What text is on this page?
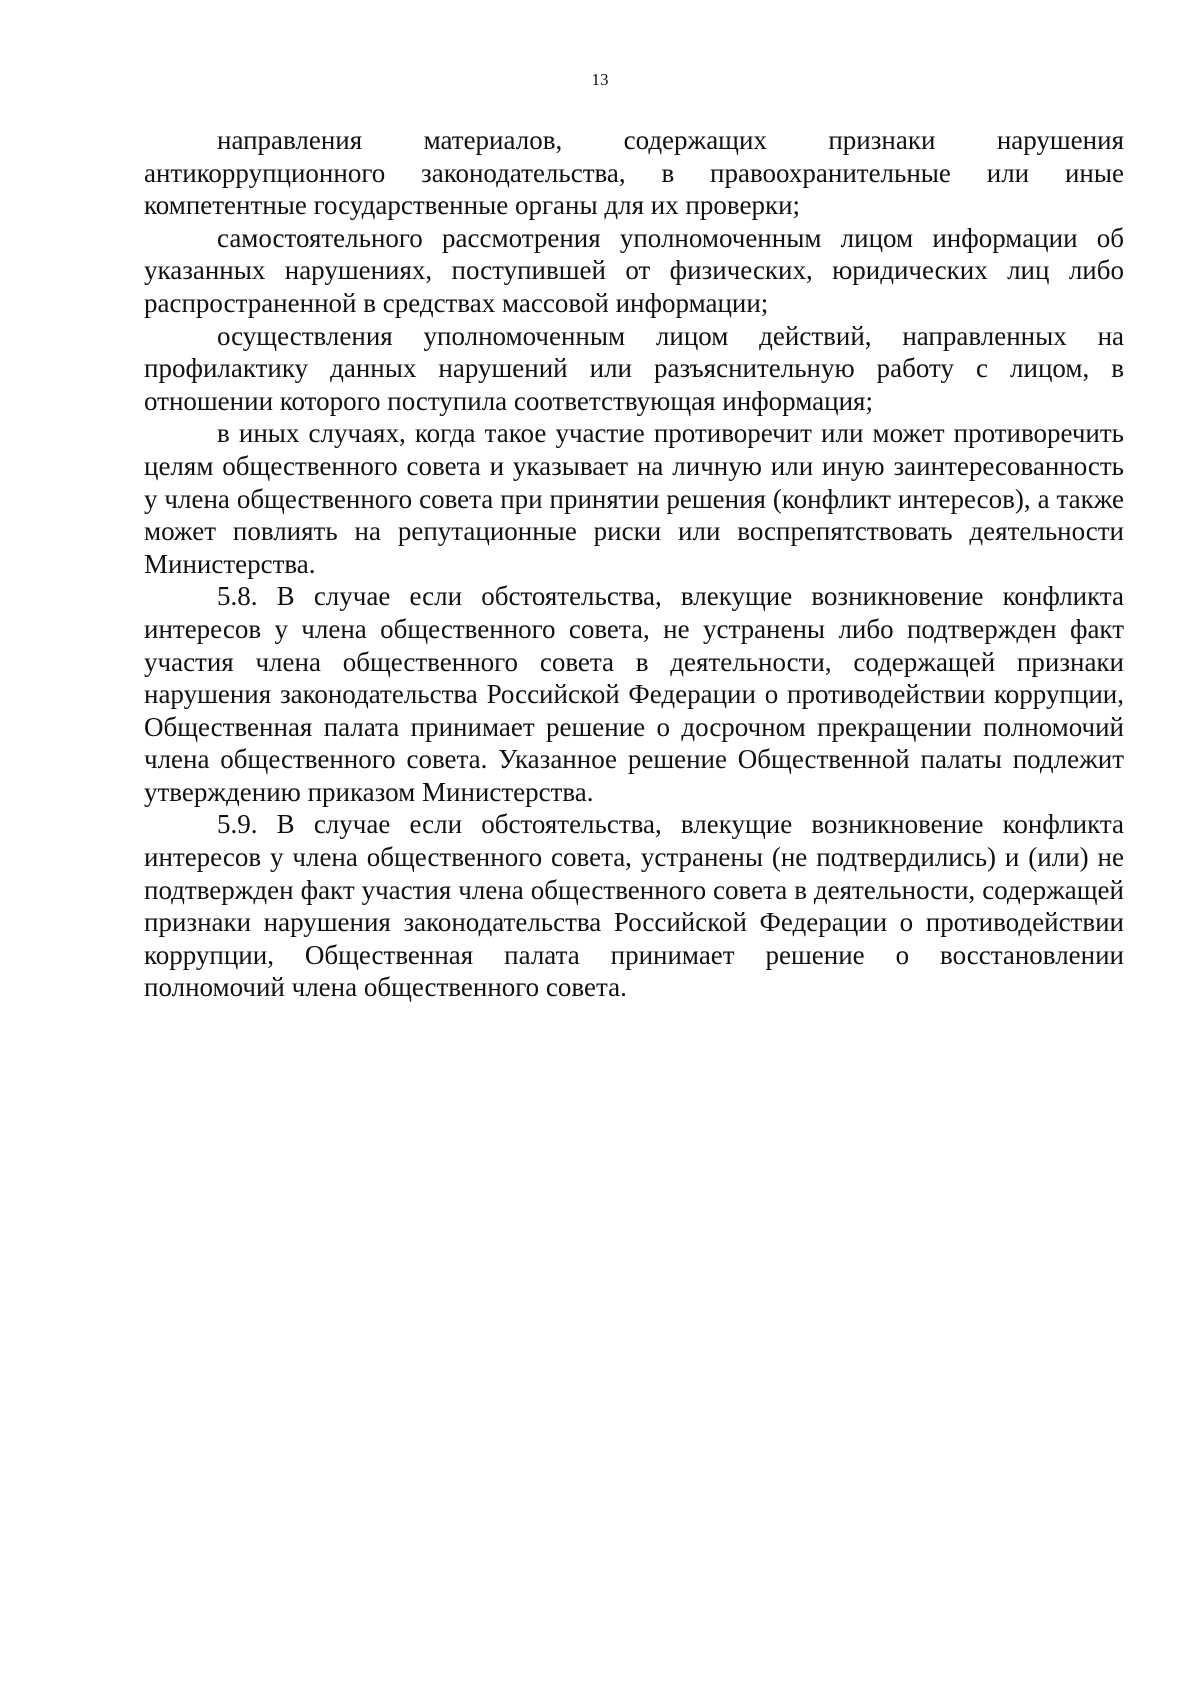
13

направления материалов, содержащих признаки нарушения антикоррупционного законодательства, в правоохранительные или иные компетентные государственные органы для их проверки;

самостоятельного рассмотрения уполномоченным лицом информации об указанных нарушениях, поступившей от физических, юридических лиц либо распространенной в средствах массовой информации;

осуществления уполномоченным лицом действий, направленных на профилактику данных нарушений или разъяснительную работу с лицом, в отношении которого поступила соответствующая информация;

в иных случаях, когда такое участие противоречит или может противоречить целям общественного совета и указывает на личную или иную заинтересованность у члена общественного совета при принятии решения (конфликт интересов), а также может повлиять на репутационные риски или воспрепятствовать деятельности Министерства.

5.8. В случае если обстоятельства, влекущие возникновение конфликта интересов у члена общественного совета, не устранены либо подтвержден факт участия члена общественного совета в деятельности, содержащей признаки нарушения законодательства Российской Федерации о противодействии коррупции, Общественная палата принимает решение о досрочном прекращении полномочий члена общественного совета. Указанное решение Общественной палаты подлежит утверждению приказом Министерства.

5.9. В случае если обстоятельства, влекущие возникновение конфликта интересов у члена общественного совета, устранены (не подтвердились) и (или) не подтвержден факт участия члена общественного совета в деятельности, содержащей признаки нарушения законодательства Российской Федерации о противодействии коррупции, Общественная палата принимает решение о восстановлении полномочий члена общественного совета.
